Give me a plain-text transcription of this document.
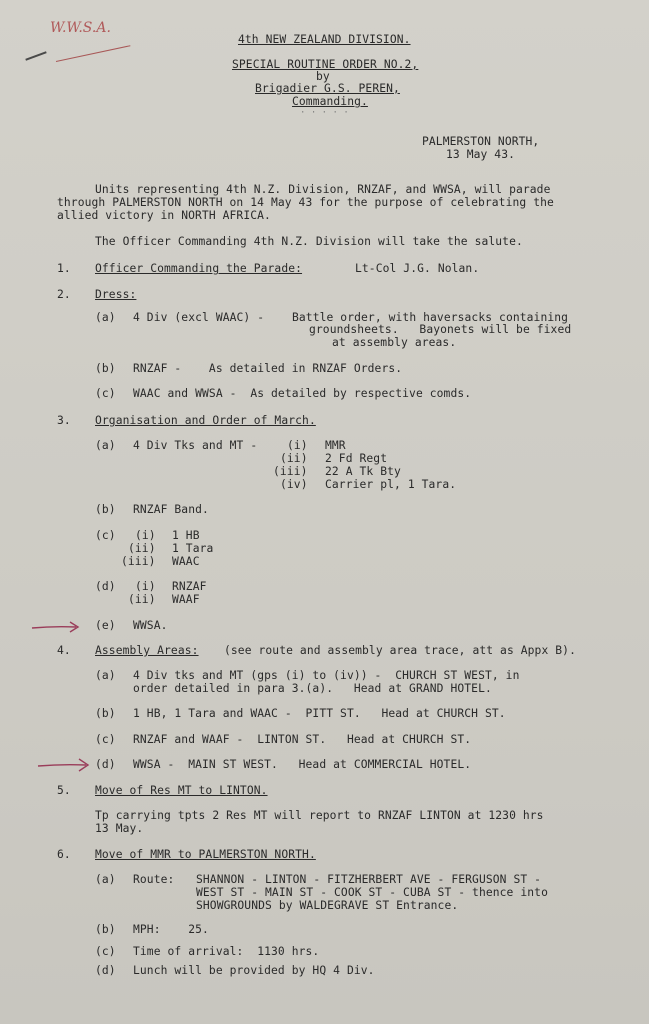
W.W.S.A.
4th NEW ZEALAND DIVISION.
SPECIAL ROUTINE ORDER NO.2,
by
Brigadier G.S. PEREN,
Commanding.
· · · · ·
PALMERSTON NORTH,
13 May 43.
Units representing 4th N.Z. Division, RNZAF, and WWSA, will parade
through PALMERSTON NORTH on 14 May 43 for the purpose of celebrating the
allied victory in NORTH AFRICA.
The Officer Commanding 4th N.Z. Division will take the salute.
1. Officer Commanding the Parade:	Lt-Col J.G. Nolan.
2. Dress:
(a) 4 Div (excl WAAC) - Battle order, with haversacks containing
groundsheets.   Bayonets will be fixed
at assembly areas.
(b) RNZAF -    As detailed in RNZAF Orders.
(c) WAAC and WWSA -  As detailed by respective comds.
3. Organisation and Order of March.
(a) 4 Div Tks and MT -	(i) MMR
(ii) 2 Fd Regt
(iii) 22 A Tk Bty
(iv) Carrier pl, 1 Tara.
(b) RNZAF Band.
(c) (i) 1 HB
(ii) 1 Tara
(iii) WAAC
(d) (i) RNZAF
(ii) WAAF
(e) WWSA.
4. Assembly Areas: (see route and assembly area trace, att as Appx B).
(a) 4 Div tks and MT (gps (i) to (iv)) -  CHURCH ST WEST, in
order detailed in para 3.(a).   Head at GRAND HOTEL.
(b) 1 HB, 1 Tara and WAAC -  PITT ST.   Head at CHURCH ST.
(c) RNZAF and WAAF -  LINTON ST.   Head at CHURCH ST.
(d) WWSA -  MAIN ST WEST.   Head at COMMERCIAL HOTEL.
5. Move of Res MT to LINTON.
Tp carrying tpts 2 Res MT will report to RNZAF LINTON at 1230 hrs
13 May.
6. Move of MMR to PALMERSTON NORTH.
(a) Route: SHANNON - LINTON - FITZHERBERT AVE - FERGUSON ST -
WEST ST - MAIN ST - COOK ST - CUBA ST - thence into
SHOWGROUNDS by WALDEGRAVE ST Entrance.
(b) MPH:    25.
(c) Time of arrival:  1130 hrs.
(d) Lunch will be provided by HQ 4 Div.
